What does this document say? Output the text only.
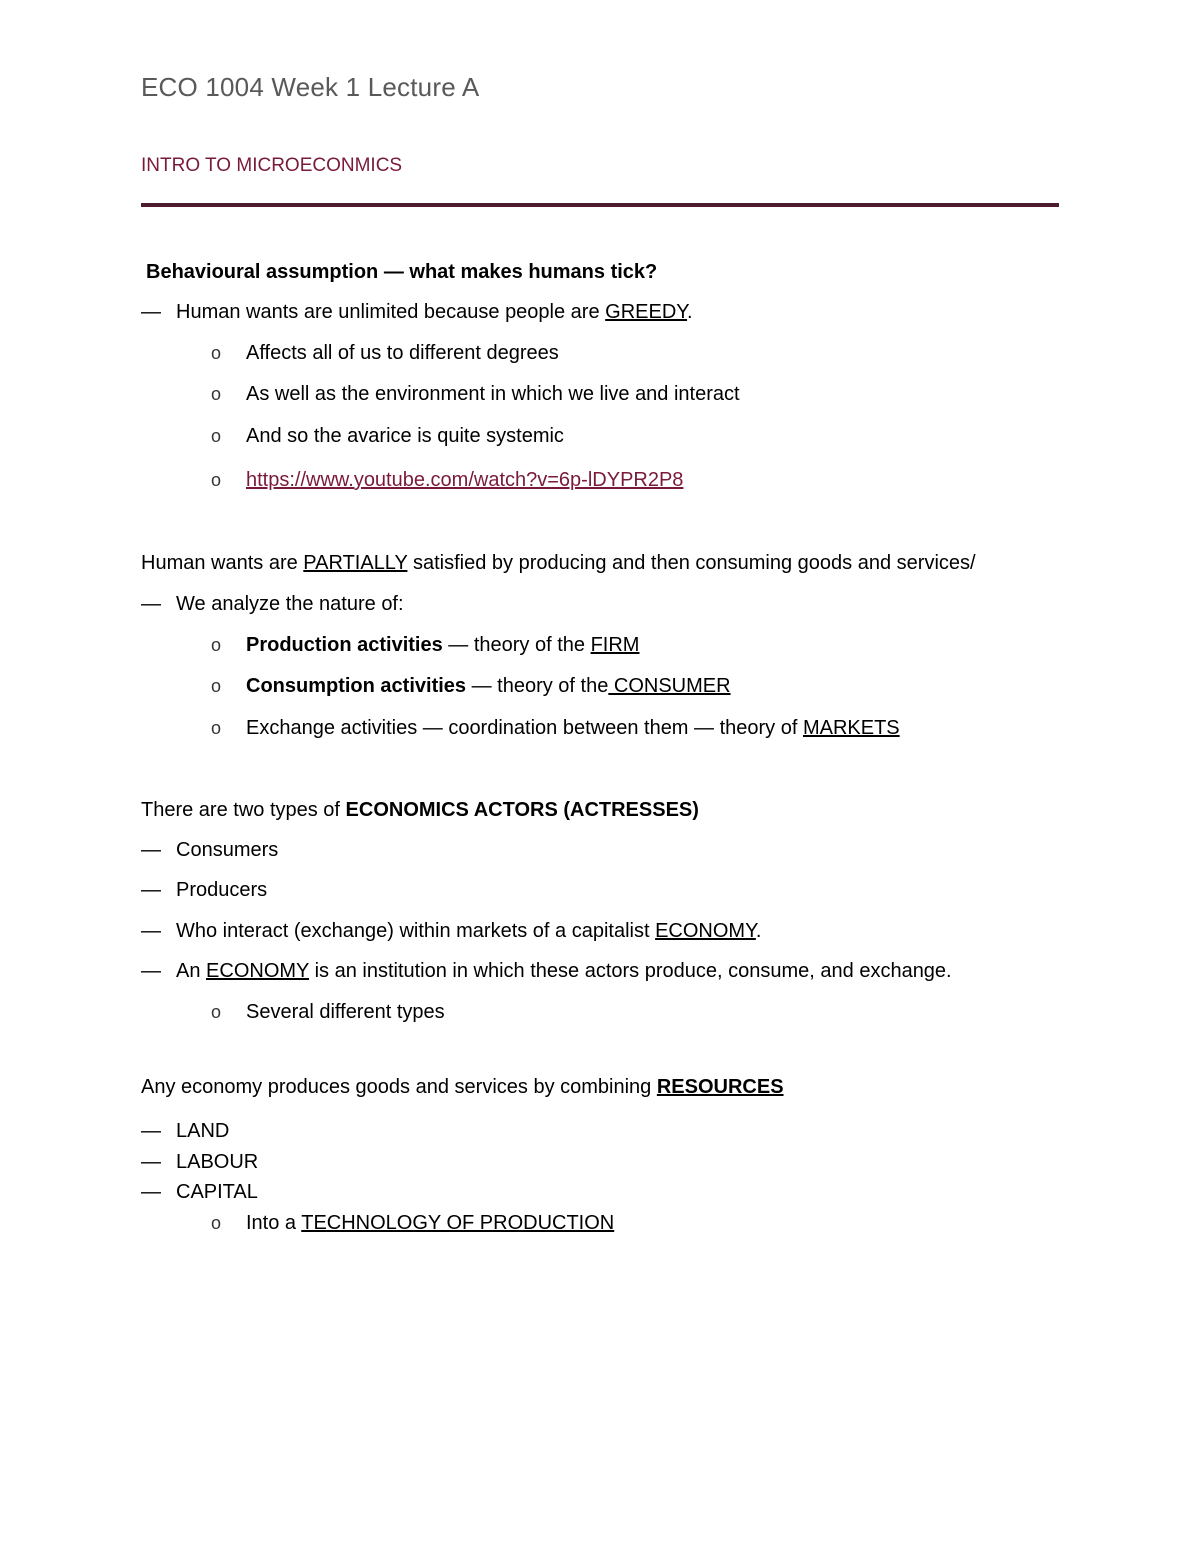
ECO 1004 Week 1 Lecture A
INTRO TO MICROECONMICS
Behavioural assumption — what makes humans tick?
— Human wants are unlimited because people are GREEDY.
o Affects all of us to different degrees
o As well as the environment in which we live and interact
o And so the avarice is quite systemic
o https://www.youtube.com/watch?v=6p-lDYPR2P8
Human wants are PARTIALLY satisfied by producing and then consuming goods and services/
— We analyze the nature of:
o Production activities — theory of the FIRM
o Consumption activities — theory of the CONSUMER
o Exchange activities — coordination between them — theory of MARKETS
There are two types of ECONOMICS ACTORS (ACTRESSES)
— Consumers
— Producers
— Who interact (exchange) within markets of a capitalist ECONOMY.
— An ECONOMY is an institution in which these actors produce, consume, and exchange.
o Several different types
Any economy produces goods and services by combining RESOURCES
— LAND
— LABOUR
— CAPITAL
o Into a TECHNOLOGY OF PRODUCTION
